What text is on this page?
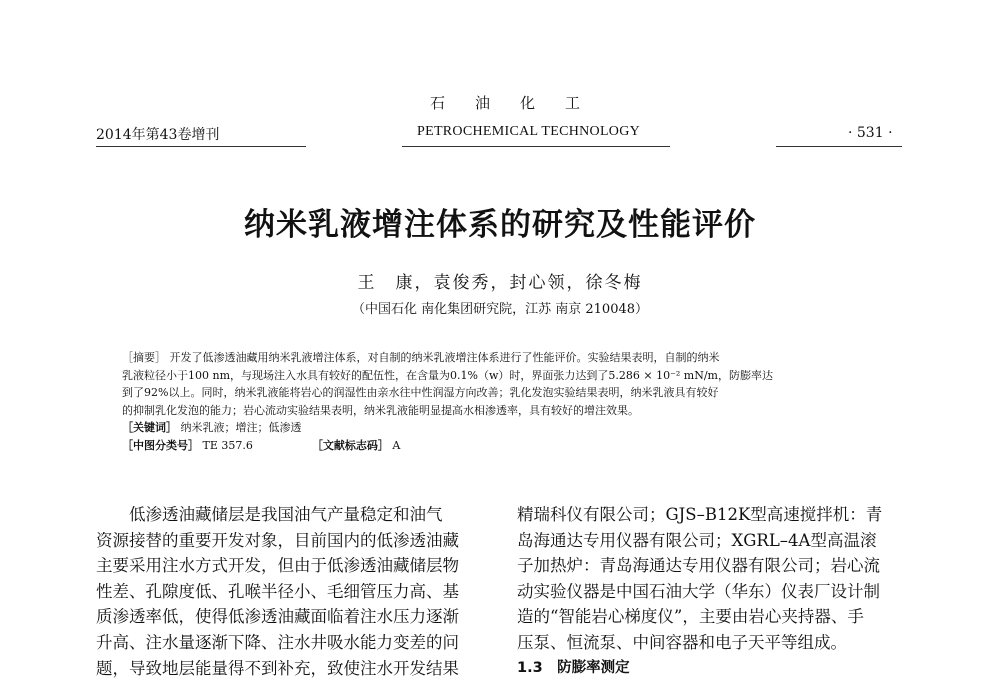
石油化工
2014年第43卷增刊	PETROCHEMICAL TECHNOLOGY	· 531 ·
纳米乳液增注体系的研究及性能评价
王　康，袁俊秀，封心领，徐冬梅
（中国石化 南化集团研究院，江苏 南京 210048）
［摘要］ 开发了低渗透油藏用纳米乳液增注体系，对自制的纳米乳液增注体系进行了性能评价。实验结果表明，自制的纳米
乳液粒径小于100 nm，与现场注入水具有较好的配伍性，在含量为0.1%（w）时，界面张力达到了5.286 × 10⁻² mN/m，防膨率达
到了92%以上。同时，纳米乳液能将岩心的润湿性由亲水往中性润湿方向改善；乳化发泡实验结果表明，纳米乳液具有较好
的抑制乳化发泡的能力；岩心流动实验结果表明，纳米乳液能明显提高水相渗透率，具有较好的增注效果。
［关键词］ 纳米乳液；增注；低渗透
［中图分类号］ TE 357.6	［文献标志码］ A
　　低渗透油藏储层是我国油气产量稳定和油气
资源接替的重要开发对象，目前国内的低渗透油藏
主要采用注水方式开发，但由于低渗透油藏储层物
性差、孔隙度低、孔喉半径小、毛细管压力高、基
质渗透率低，使得低渗透油藏面临着注水压力逐渐
升高、注水量逐渐下降、注水井吸水能力变差的问
题，导致地层能量得不到补充，致使注水开发结果
精瑞科仪有限公司；GJS–B12K型高速搅拌机：青
岛海通达专用仪器有限公司；XGRL–4A型高温滚
子加热炉：青岛海通达专用仪器有限公司；岩心流
动实验仪器是中国石油大学（华东）仪表厂设计制
造的“智能岩心梯度仪”，主要由岩心夹持器、手
压泵、恒流泵、中间容器和电子天平等组成。
1.3　防膨率测定
